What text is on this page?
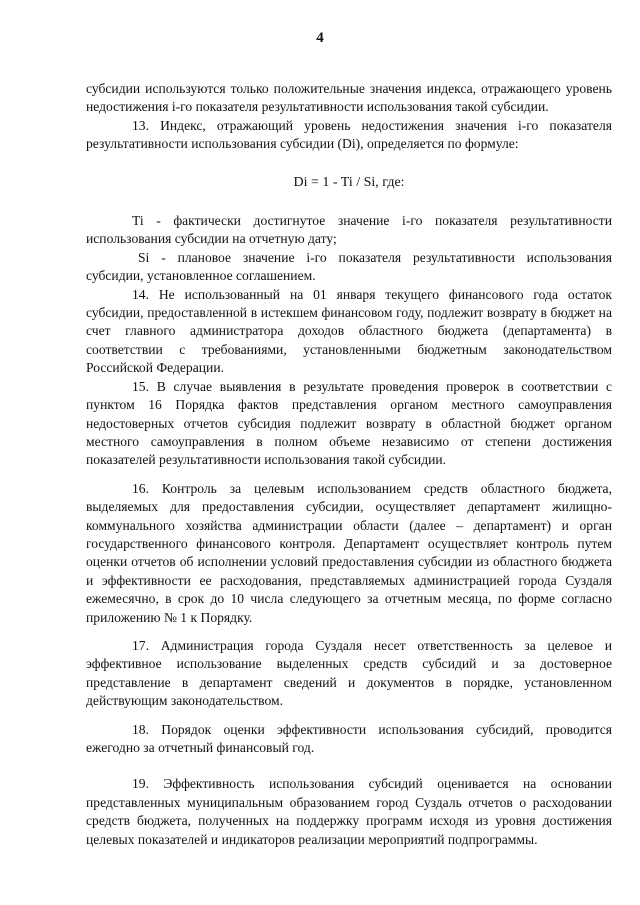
4

субсидии используются только положительные значения индекса, отражающего уровень недостижения i-го показателя результативности использования такой субсидии.

13. Индекс, отражающий уровень недостижения значения i-го показателя результативности использования субсидии (Di), определяется по формуле:

Di = 1 - Ti / Si, где:

Ti - фактически достигнутое значение i-го показателя результативности использования субсидии на отчетную дату;

Si - плановое значение i-го показателя результативности использования субсидии, установленное соглашением.

14. Не использованный на 01 января текущего финансового года остаток субсидии, предоставленной в истекшем финансовом году, подлежит возврату в бюджет на счет главного администратора доходов областного бюджета (департамента) в соответствии с требованиями, установленными бюджетным законодательством Российской Федерации.

15. В случае выявления в результате проведения проверок в соответствии с пунктом 16 Порядка фактов представления органом местного самоуправления недостоверных отчетов субсидия подлежит возврату в областной бюджет органом местного самоуправления в полном объеме независимо от степени достижения показателей результативности использования такой субсидии.

16. Контроль за целевым использованием средств областного бюджета, выделяемых для предоставления субсидии, осуществляет департамент жилищно-коммунального хозяйства администрации области (далее – департамент) и орган государственного финансового контроля. Департамент осуществляет контроль путем оценки отчетов об исполнении условий предоставления субсидии из областного бюджета и эффективности ее расходования, представляемых администрацией города Суздаля ежемесячно, в срок до 10 числа следующего за отчетным месяца, по форме согласно приложению № 1 к Порядку.

17. Администрация города Суздаля несет ответственность за целевое и эффективное использование выделенных средств субсидий и за достоверное представление в департамент сведений и документов в порядке, установленном действующим законодательством.

18. Порядок оценки эффективности использования субсидий, проводится ежегодно за отчетный финансовый год.

19. Эффективность использования субсидий оценивается на основании представленных муниципальным образованием город Суздаль отчетов о расходовании средств бюджета, полученных на поддержку программ исходя из уровня достижения целевых показателей и индикаторов реализации мероприятий подпрограммы.
